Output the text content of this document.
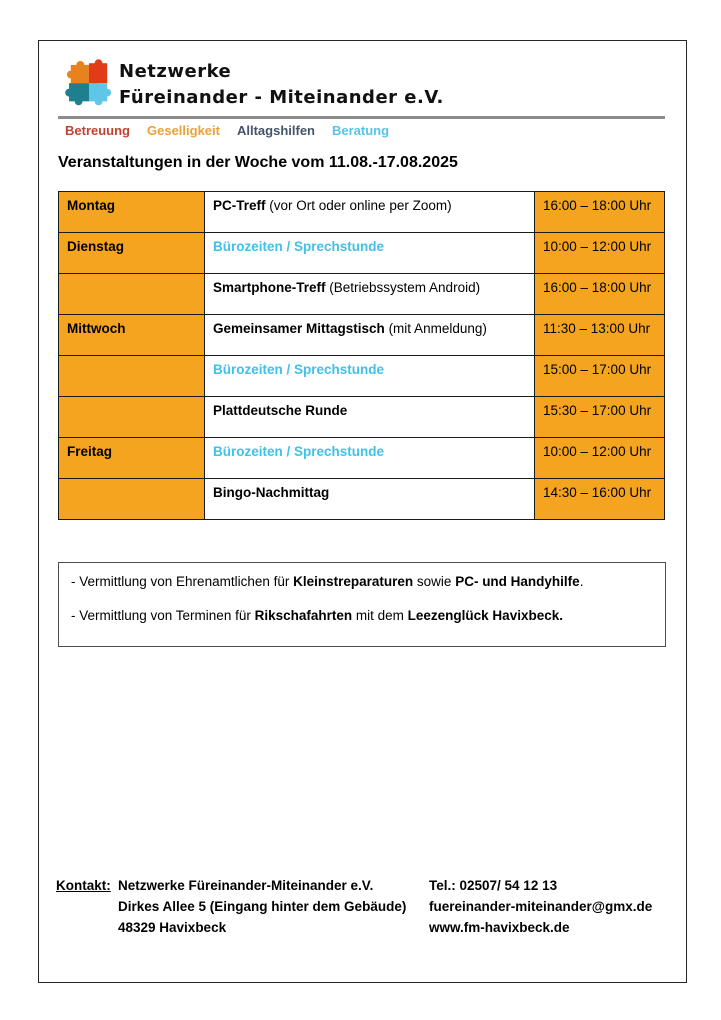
Netzwerke
Füreinander - Miteinander e.V.
Betreuung Geselligkeit Alltagshilfen Beratung
Veranstaltungen in der Woche vom 11.08.-17.08.2025
Montag	PC-Treff (vor Ort oder online per Zoom)	16:00 – 18:00 Uhr
Dienstag	Bürozeiten / Sprechstunde	10:00 – 12:00 Uhr
	Smartphone-Treff (Betriebssystem Android)	16:00 – 18:00 Uhr
Mittwoch	Gemeinsamer Mittagstisch (mit Anmeldung)	11:30 – 13:00 Uhr
	Bürozeiten / Sprechstunde	15:00 – 17:00 Uhr
	Plattdeutsche Runde	15:30 – 17:00 Uhr
Freitag	Bürozeiten / Sprechstunde	10:00 – 12:00 Uhr
	Bingo-Nachmittag	14:30 – 16:00 Uhr
- Vermittlung von Ehrenamtlichen für Kleinstreparaturen sowie PC- und Handyhilfe.
- Vermittlung von Terminen für Rikschafahrten mit dem Leezenglück Havixbeck.
Kontakt: Netzwerke Füreinander-Miteinander e.V.
Dirkes Allee 5 (Eingang hinter dem Gebäude)
48329 Havixbeck
Tel.: 02507/ 54 12 13
fuereinander-miteinander@gmx.de
www.fm-havixbeck.de
